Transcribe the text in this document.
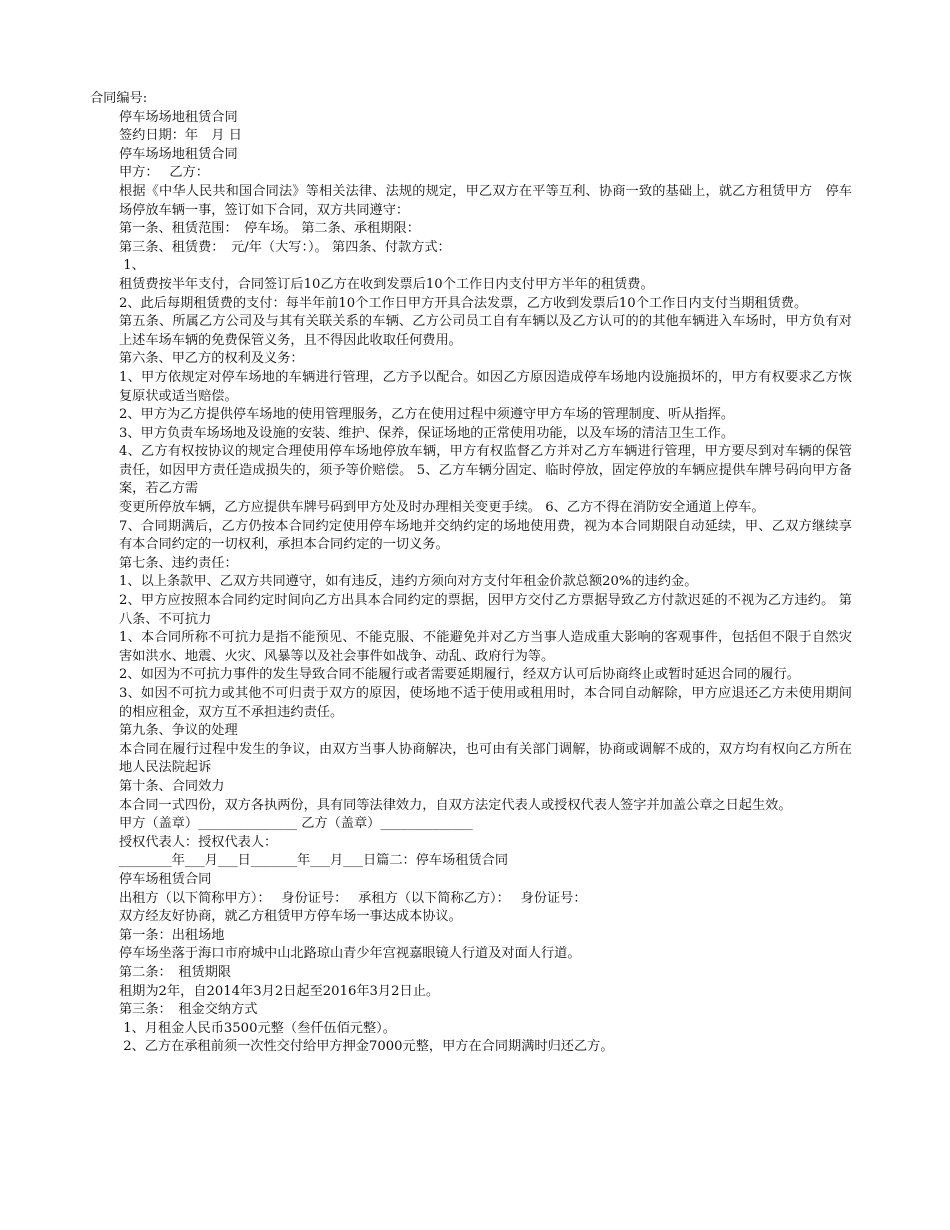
合同编号:
停车场场地租赁合同
签约日期：年　月 日
停车场场地租赁合同
甲方：　 乙方：

根据《中华人民共和国合同法》等相关法律、法规的规定，甲乙双方在平等互利、协商一致的基础上，就乙方租赁甲方　停车场停放车辆一事，签订如下合同，双方共同遵守：

第一条、租赁范围：　停车场。 第二条、承租期限：
第三条、租赁费：　元/年（大写：）。 第四条、付款方式：
1、

租赁费按半年支付，合同签订后10乙方在收到发票后10个工作日内支付甲方半年的租赁费。

2、此后每期租赁费的支付：每半年前10个工作日甲方开具合法发票，乙方收到发票后10个工作日内支付当期租赁费。

第五条、所属乙方公司及与其有关联关系的车辆、乙方公司员工自有车辆以及乙方认可的的其他车辆进入车场时，甲方负有对上述车场车辆的免费保管义务，且不得因此收取任何费用。

第六条、甲乙方的权利及义务：

1、甲方依规定对停车场地的车辆进行管理，乙方予以配合。如因乙方原因造成停车场地内设施损坏的，甲方有权要求乙方恢复原状或适当赔偿。

2、甲方为乙方提供停车场地的使用管理服务，乙方在使用过程中须遵守甲方车场的管理制度、听从指挥。

3、甲方负责车场场地及设施的安装、维护、保养，保证场地的正常使用功能，以及车场的清洁卫生工作。

4、乙方有权按协议的规定合理使用停车场地停放车辆，甲方有权监督乙方并对乙方车辆进行管理，甲方要尽到对车辆的保管责任，如因甲方责任造成损失的，须予等价赔偿。 5、乙方车辆分固定、临时停放，固定停放的车辆应提供车牌号码向甲方备案，若乙方需

变更所停放车辆，乙方应提供车牌号码到甲方处及时办理相关变更手续。 6、乙方不得在消防安全通道上停车。

7、合同期满后，乙方仍按本合同约定使用停车场地并交纳约定的场地使用费，视为本合同期限自动延续，甲、乙双方继续享有本合同约定的一切权利，承担本合同约定的一切义务。

第七条、违约责任：

1、以上条款甲、乙双方共同遵守，如有违反，违约方须向对方支付年租金价款总额20%的违约金。

2、甲方应按照本合同约定时间向乙方出具本合同约定的票据，因甲方交付乙方票据导致乙方付款迟延的不视为乙方违约。 第八条、不可抗力

1、本合同所称不可抗力是指不能预见、不能克服、不能避免并对乙方当事人造成重大影响的客观事件，包括但不限于自然灾害如洪水、地震、火灾、风暴等以及社会事件如战争、动乱、政府行为等。

2、如因为不可抗力事件的发生导致合同不能履行或者需要延期履行，经双方认可后协商终止或暂时延迟合同的履行。

3、如因不可抗力或其他不可归责于双方的原因，使场地不适于使用或租用时，本合同自动解除，甲方应退还乙方未使用期间的相应租金，双方互不承担违约责任。

第九条、争议的处理

本合同在履行过程中发生的争议，由双方当事人协商解决，也可由有关部门调解，协商或调解不成的，双方均有权向乙方所在地人民法院起诉

第十条、合同效力

本合同一式四份，双方各执两份，具有同等法律效力，自双方法定代表人或授权代表人签字并加盖公章之日起生效。

甲方（盖章）_______________ 乙方（盖章）______________
授权代表人：授权代表人：
________年___月___日_______年___月___日篇二：停车场租赁合同
停车场租赁合同
出租方（以下简称甲方）：　 身份证号：　 承租方（以下简称乙方）：　 身份证号：
双方经友好协商，就乙方租赁甲方停车场一事达成本协议。
第一条：出租场地
停车场坐落于海口市府城中山北路琼山青少年宫视嘉眼镜人行道及对面人行道。
第二条：　租赁期限
租期为2年，自2014年3月2日起至2016年3月2日止。
第三条：　租金交纳方式
1、月租金人民币3500元整（叁仟伍佰元整）。
2、乙方在承租前须一次性交付给甲方押金7000元整，甲方在合同期满时归还乙方。
